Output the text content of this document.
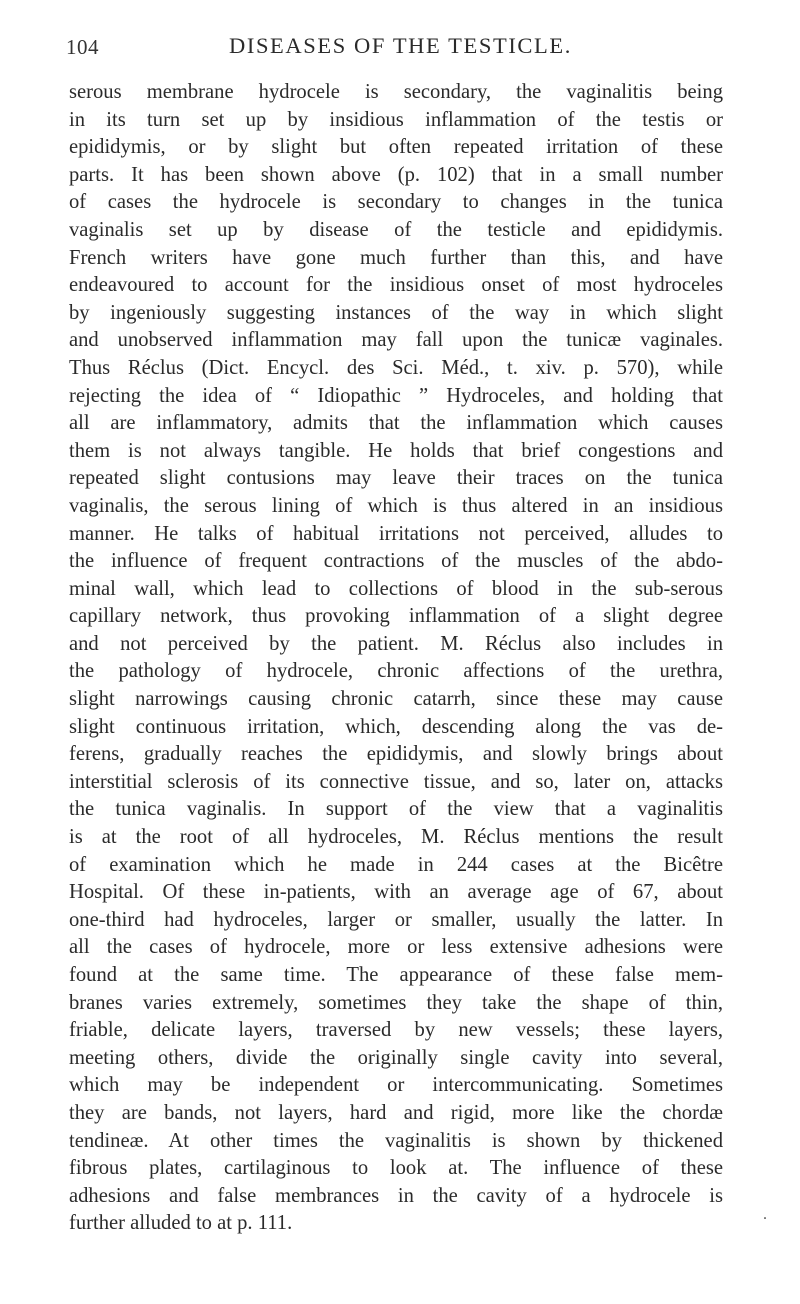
104	DISEASES OF THE TESTICLE.
serous membrane hydrocele is secondary, the vaginalitis being
in its turn set up by insidious inflammation of the testis or
epididymis, or by slight but often repeated irritation of these
parts. It has been shown above (p. 102) that in a small number
of cases the hydrocele is secondary to changes in the tunica
vaginalis set up by disease of the testicle and epididymis.
French writers have gone much further than this, and have
endeavoured to account for the insidious onset of most hydroceles
by ingeniously suggesting instances of the way in which slight
and unobserved inflammation may fall upon the tunicæ vaginales.
Thus Réclus (Dict. Encycl. des Sci. Méd., t. xiv. p. 570), while
rejecting the idea of “ Idiopathic ” Hydroceles, and holding that
all are inflammatory, admits that the inflammation which causes
them is not always tangible. He holds that brief congestions and
repeated slight contusions may leave their traces on the tunica
vaginalis, the serous lining of which is thus altered in an insidious
manner. He talks of habitual irritations not perceived, alludes to
the influence of frequent contractions of the muscles of the abdo-
minal wall, which lead to collections of blood in the sub-serous
capillary network, thus provoking inflammation of a slight degree
and not perceived by the patient. M. Réclus also includes in
the pathology of hydrocele, chronic affections of the urethra,
slight narrowings causing chronic catarrh, since these may cause
slight continuous irritation, which, descending along the vas de-
ferens, gradually reaches the epididymis, and slowly brings about
interstitial sclerosis of its connective tissue, and so, later on, attacks
the tunica vaginalis. In support of the view that a vaginalitis
is at the root of all hydroceles, M. Réclus mentions the result
of examination which he made in 244 cases at the Bicêtre
Hospital. Of these in-patients, with an average age of 67, about
one-third had hydroceles, larger or smaller, usually the latter. In
all the cases of hydrocele, more or less extensive adhesions were
found at the same time. The appearance of these false mem-
branes varies extremely, sometimes they take the shape of thin,
friable, delicate layers, traversed by new vessels; these layers,
meeting others, divide the originally single cavity into several,
which may be independent or intercommunicating. Sometimes
they are bands, not layers, hard and rigid, more like the chordæ
tendineæ. At other times the vaginalitis is shown by thickened
fibrous plates, cartilaginous to look at. The influence of these
adhesions and false membrances in the cavity of a hydrocele is
further alluded to at p. 111.	.
